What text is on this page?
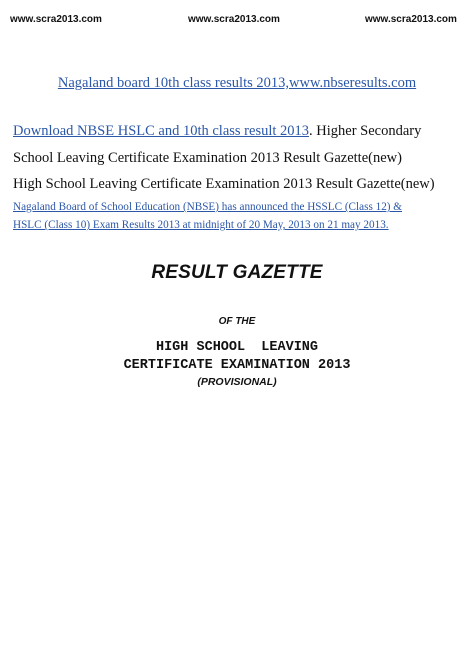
www.scra2013.com	www.scra2013.com	www.scra2013.com
Nagaland board 10th class results 2013,www.nbseresults.com
Download NBSE HSLC and 10th class result 2013. Higher Secondary
School Leaving Certificate Examination 2013 Result Gazette(new)
High School Leaving Certificate Examination 2013 Result Gazette(new)
Nagaland Board of School Education (NBSE) has announced the HSSLC (Class 12) &
HSLC (Class 10) Exam Results 2013 at midnight of 20 May, 2013 on 21 may 2013.
RESULT GAZETTE
OF THE
HIGH SCHOOL  LEAVING
CERTIFICATE EXAMINATION 2013
(PROVISIONAL)
